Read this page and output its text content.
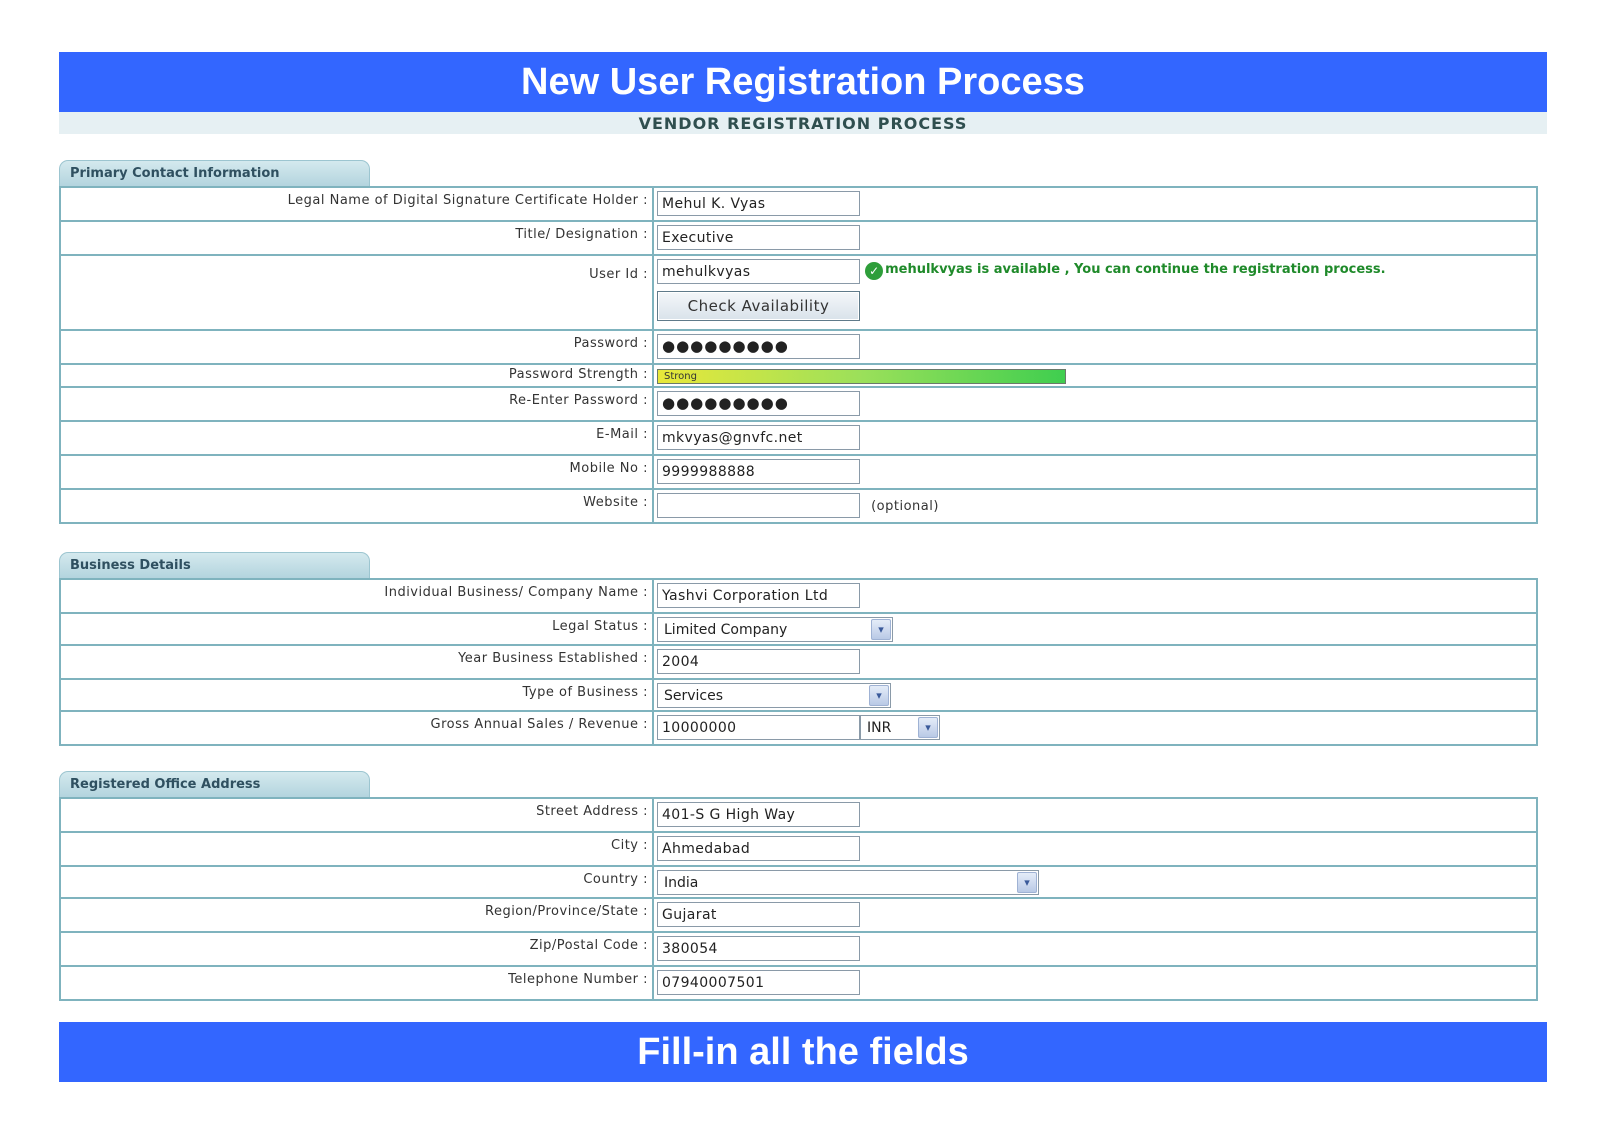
New User Registration Process
VENDOR REGISTRATION PROCESS
Primary Contact Information
Legal Name of Digital Signature Certificate Holder :	Mehul K. Vyas
Title/ Designation :	Executive
User Id :	mehulkvyas ✓ mehulkvyas is available , You can continue the registration process.
Check Availability

Password :	●●●●●●●●●
Password Strength :	Strong

Re-Enter Password :	●●●●●●●●●
E-Mail :	mkvyas@gnvfc.net
Mobile No :	9999988888
Website :	(optional)
Business Details
Individual Business/ Company Name :	Yashvi Corporation Ltd
Legal Status :	Limited Company ▾

Year Business Established :	2004
Type of Business :	Services ▾

Gross Annual Sales / Revenue :	10000000 INR ▾
Registered Office Address
Street Address :	401-S G High Way
City :	Ahmedabad
Country :	India ▾

Region/Province/State :	Gujarat
Zip/Postal Code :	380054
Telephone Number :	07940007501
Fill-in all the fields
